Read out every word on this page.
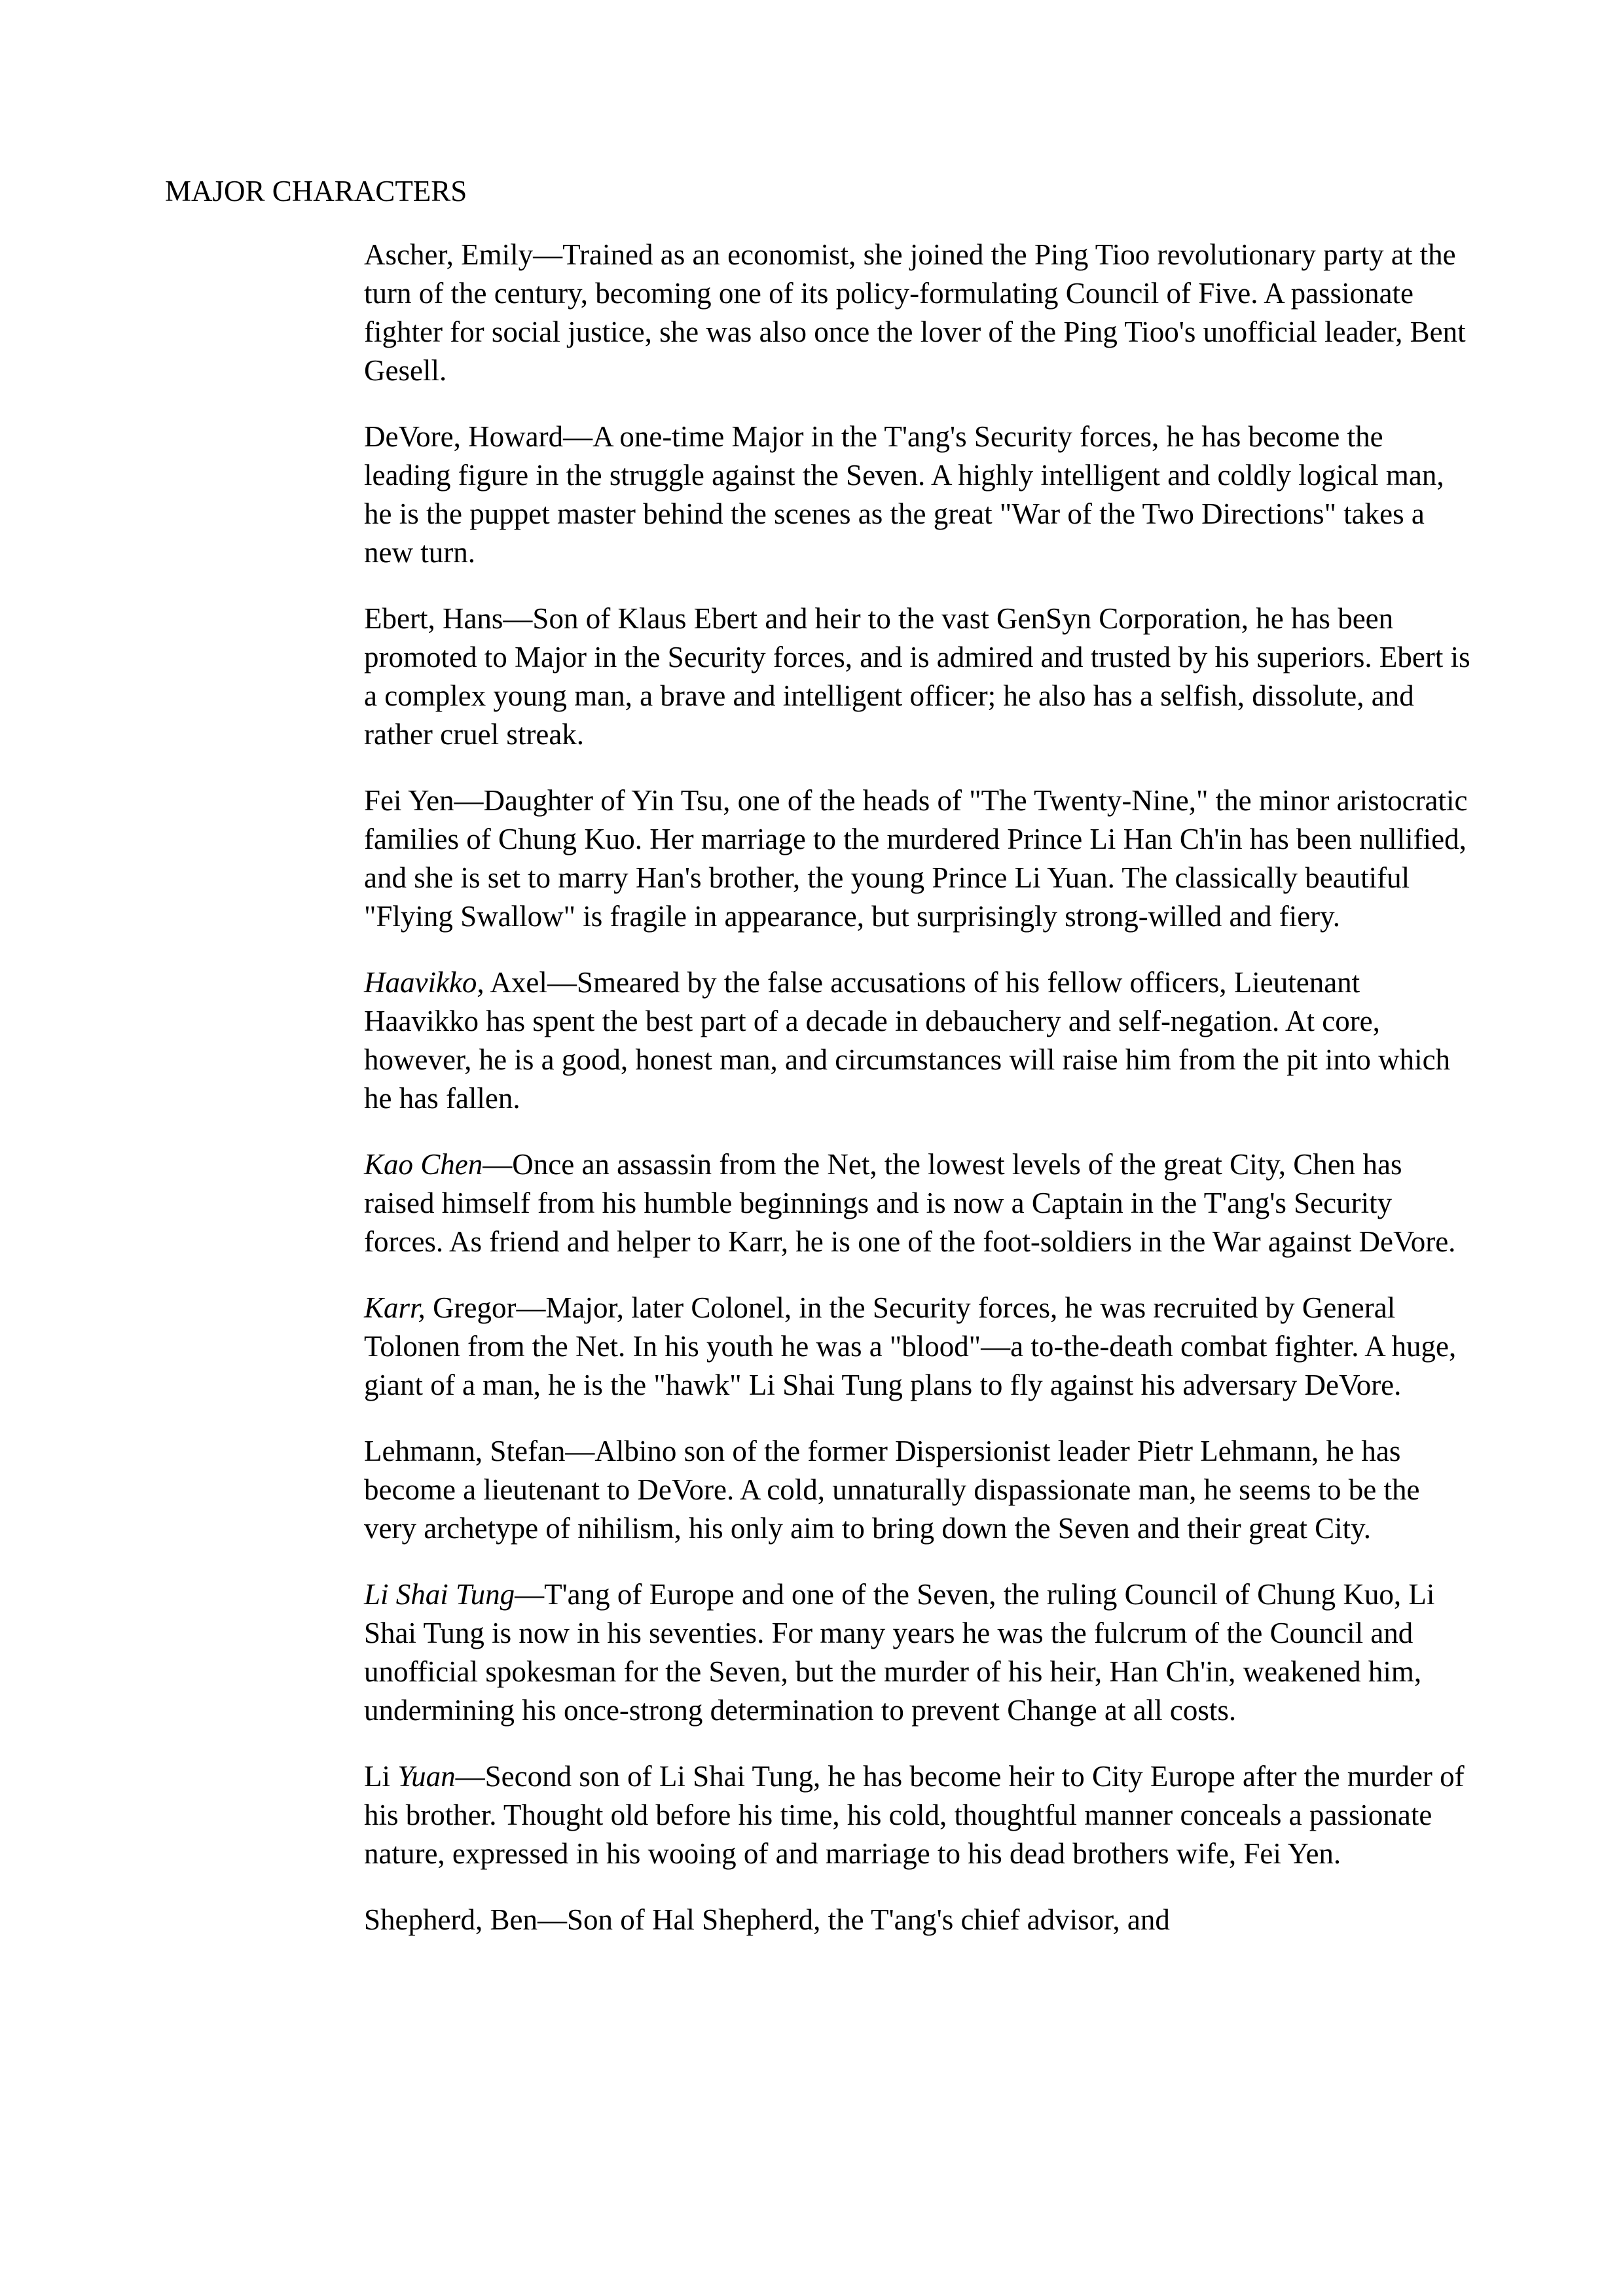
MAJOR CHARACTERS

Ascher, Emily—Trained as an economist, she joined the Ping Tioo revolutionary party at the turn of the century, becoming one of its policy-formulating Council of Five. A passionate fighter for social justice, she was also once the lover of the Ping Tioo's unofficial leader, Bent Gesell.

DeVore, Howard—A one-time Major in the T'ang's Security forces, he has become the leading figure in the struggle against the Seven. A highly intelligent and coldly logical man, he is the puppet master behind the scenes as the great "War of the Two Directions" takes a new turn.

Ebert, Hans—Son of Klaus Ebert and heir to the vast GenSyn Corporation, he has been promoted to Major in the Security forces, and is admired and trusted by his superiors. Ebert is a complex young man, a brave and intelligent officer; he also has a selfish, dissolute, and rather cruel streak.

Fei Yen—Daughter of Yin Tsu, one of the heads of "The Twenty-Nine," the minor aristocratic families of Chung Kuo. Her marriage to the murdered Prince Li Han Ch'in has been nullified, and she is set to marry Han's brother, the young Prince Li Yuan. The classically beautiful "Flying Swallow" is fragile in appearance, but surprisingly strong-willed and fiery.

Haavikko, Axel—Smeared by the false accusations of his fellow officers, Lieutenant Haavikko has spent the best part of a decade in debauchery and self-negation. At core, however, he is a good, honest man, and circumstances will raise him from the pit into which he has fallen.

Kao Chen—Once an assassin from the Net, the lowest levels of the great City, Chen has raised himself from his humble beginnings and is now a Captain in the T'ang's Security forces. As friend and helper to Karr, he is one of the foot-soldiers in the War against DeVore.

Karr, Gregor—Major, later Colonel, in the Security forces, he was recruited by General Tolonen from the Net. In his youth he was a "blood"—a to-the-death combat fighter. A huge, giant of a man, he is the "hawk" Li Shai Tung plans to fly against his adversary DeVore.

Lehmann, Stefan—Albino son of the former Dispersionist leader Pietr Lehmann, he has become a lieutenant to DeVore. A cold, unnaturally dispassionate man, he seems to be the very archetype of nihilism, his only aim to bring down the Seven and their great City.

Li Shai Tung—T'ang of Europe and one of the Seven, the ruling Council of Chung Kuo, Li Shai Tung is now in his seventies. For many years he was the fulcrum of the Council and unofficial spokesman for the Seven, but the murder of his heir, Han Ch'in, weakened him, undermining his once-strong determination to prevent Change at all costs.

Li Yuan—Second son of Li Shai Tung, he has become heir to City Europe after the murder of his brother. Thought old before his time, his cold, thoughtful manner conceals a passionate nature, expressed in his wooing of and marriage to his dead brothers wife, Fei Yen.

Shepherd, Ben—Son of Hal Shepherd, the T'ang's chief advisor, and
